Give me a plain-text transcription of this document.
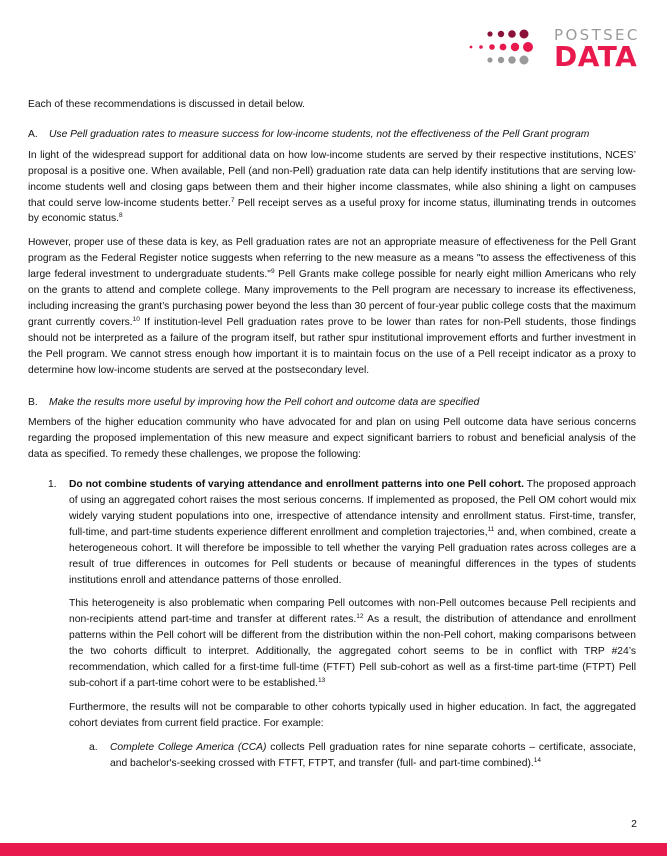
POSTSEC
DATA

Each of these recommendations is discussed in detail below.

A.	Use Pell graduation rates to measure success for low-income students, not the effectiveness of the Pell Grant program

In light of the widespread support for additional data on how low-income students are served by their respective institutions, NCES’ proposal is a positive one. When available, Pell (and non-Pell) graduation rate data can help identify institutions that are serving low-income students well and closing gaps between them and their higher income classmates, while also shining a light on campuses that could serve low-income students better.$^7$ Pell receipt serves as a useful proxy for income status, illuminating trends in outcomes by economic status.$^8$

However, proper use of these data is key, as Pell graduation rates are not an appropriate measure of effectiveness for the Pell Grant program as the Federal Register notice suggests when referring to the new measure as a means "to assess the effectiveness of this large federal investment to undergraduate students."$^9$ Pell Grants make college possible for nearly eight million Americans who rely on the grants to attend and complete college. Many improvements to the Pell program are necessary to increase its effectiveness, including increasing the grant’s purchasing power beyond the less than 30 percent of four-year public college costs that the maximum grant currently covers.$^{10}$ If institution-level Pell graduation rates prove to be lower than rates for non-Pell students, those findings should not be interpreted as a failure of the program itself, but rather spur institutional improvement efforts and further investment in the Pell program. We cannot stress enough how important it is to maintain focus on the use of a Pell receipt indicator as a proxy to determine how low-income students are served at the postsecondary level.

B.	Make the results more useful by improving how the Pell cohort and outcome data are specified

Members of the higher education community who have advocated for and plan on using Pell outcome data have serious concerns regarding the proposed implementation of this new measure and expect significant barriers to robust and beneficial analysis of the data as specified. To remedy these challenges, we propose the following:

1.	Do not combine students of varying attendance and enrollment patterns into one Pell cohort. The proposed approach of using an aggregated cohort raises the most serious concerns. If implemented as proposed, the Pell OM cohort would mix widely varying student populations into one, irrespective of attendance intensity and enrollment status. First-time, transfer, full-time, and part-time students experience different enrollment and completion trajectories,$^{11}$ and, when combined, create a heterogeneous cohort. It will therefore be impossible to tell whether the varying Pell graduation rates across colleges are a result of true differences in outcomes for Pell students or because of meaningful differences in the types of students institutions enroll and attendance patterns of those enrolled.

This heterogeneity is also problematic when comparing Pell outcomes with non-Pell outcomes because Pell recipients and non-recipients attend part-time and transfer at different rates.$^{12}$ As a result, the distribution of attendance and enrollment patterns within the Pell cohort will be different from the distribution within the non-Pell cohort, making comparisons between the two cohorts difficult to interpret. Additionally, the aggregated cohort seems to be in conflict with TRP #24’s recommendation, which called for a first-time full-time (FTFT) Pell sub-cohort as well as a first-time part-time (FTPT) Pell sub-cohort if a part-time cohort were to be established.$^{13}$

Furthermore, the results will not be comparable to other cohorts typically used in higher education. In fact, the aggregated cohort deviates from current field practice. For example:

a.	Complete College America (CCA) collects Pell graduation rates for nine separate cohorts – certificate, associate, and bachelor's-seeking crossed with FTFT, FTPT, and transfer (full- and part-time combined).$^{14}$

2
